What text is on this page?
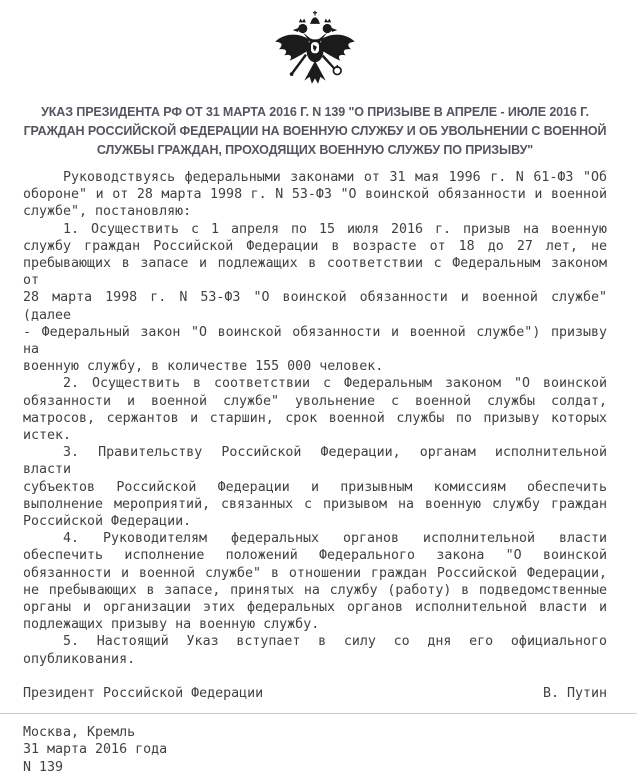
УКАЗ ПРЕЗИДЕНТА РФ ОТ 31 МАРТА 2016 Г. N 139 "О ПРИЗЫВЕ В АПРЕЛЕ - ИЮЛЕ 2016 Г. ГРАЖДАН РОССИЙСКОЙ ФЕДЕРАЦИИ НА ВОЕННУЮ СЛУЖБУ И ОБ УВОЛЬНЕНИИ С ВОЕННОЙ СЛУЖБЫ ГРАЖДАН, ПРОХОДЯЩИХ ВОЕННУЮ СЛУЖБУ ПО ПРИЗЫВУ"
Руководствуясь федеральными законами от 31 мая 1996 г. N 61-ФЗ "Об
обороне" и от 28 марта 1998 г. N 53-ФЗ "О воинской обязанности и военной
службе", постановляю:
1. Осуществить с 1 апреля по 15 июля 2016 г. призыв на военную
службу граждан Российской Федерации в возрасте от 18 до 27 лет, не
пребывающих в запасе и подлежащих в соответствии с Федеральным законом от
28 марта 1998 г. N 53-ФЗ "О воинской обязанности и военной службе" (далее
- Федеральный закон "О воинской обязанности и военной службе") призыву на
военную службу, в количестве 155 000 человек.
2. Осуществить в соответствии с Федеральным законом "О воинской
обязанности и военной службе" увольнение с военной службы солдат,
матросов, сержантов и старшин, срок военной службы по призыву которых
истек.
3. Правительству Российской Федерации, органам исполнительной власти
субъектов Российской Федерации и призывным комиссиям обеспечить
выполнение мероприятий, связанных с призывом на военную службу граждан
Российской Федерации.
4. Руководителям федеральных органов исполнительной власти
обеспечить исполнение положений Федерального закона "О воинской
обязанности и военной службе" в отношении граждан Российской Федерации,
не пребывающих в запасе, принятых на службу (работу) в подведомственные
органы и организации этих федеральных органов исполнительной власти и
подлежащих призыву на военную службу.
5. Настоящий Указ вступает в силу со дня его официального
опубликования.
Президент Российской Федерации	В. Путин
Москва, Кремль
31 марта 2016 года
N 139
